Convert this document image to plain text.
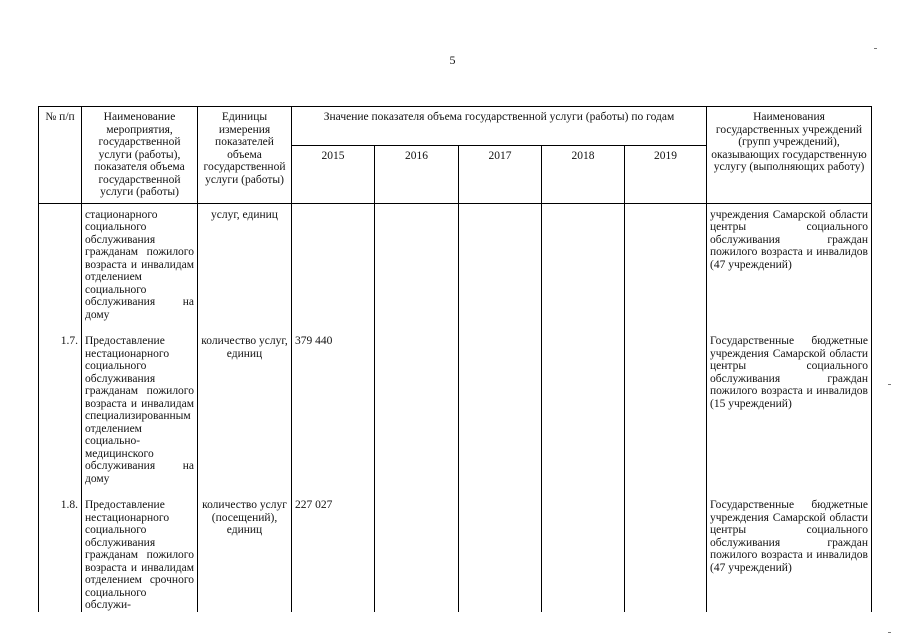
5
№ п/п	Наименование мероприятия, государственной услуги (работы), показателя объема государственной услуги (работы)	Единицы измерения показателей объема государственной услуги (работы)	Значение показателя объема государственной услуги (работы) по годам					Наименования государственных учреждений (групп учреждений), оказывающих государственную услугу (выполняющих работу)
			2015	2016	2017	2018	2019	
	стационарного социального обслуживания гражданам пожилого возраста и инвалидам отделением социального обслуживания на дому	услуг, единиц						учреждения Самарской области центры социального обслуживания граждан пожилого возраста и инвалидов (47 учреждений)
1.7.	Предоставление нестационарного социального обслуживания гражданам пожилого возраста и инвалидам специализированным отделением социально-медицинского обслуживания на дому	количество услуг, единиц	379 440					Государственные бюджетные учреждения Самарской области центры социального обслуживания граждан пожилого возраста и инвалидов (15 учреждений)
1.8.	Предоставление нестационарного социального обслуживания гражданам пожилого возраста и инвалидам отделением срочного социального обслужи-	количество услуг (посещений), единиц	227 027					Государственные бюджетные учреждения Самарской области центры социального обслуживания граждан пожилого возраста и инвалидов (47 учреждений)
